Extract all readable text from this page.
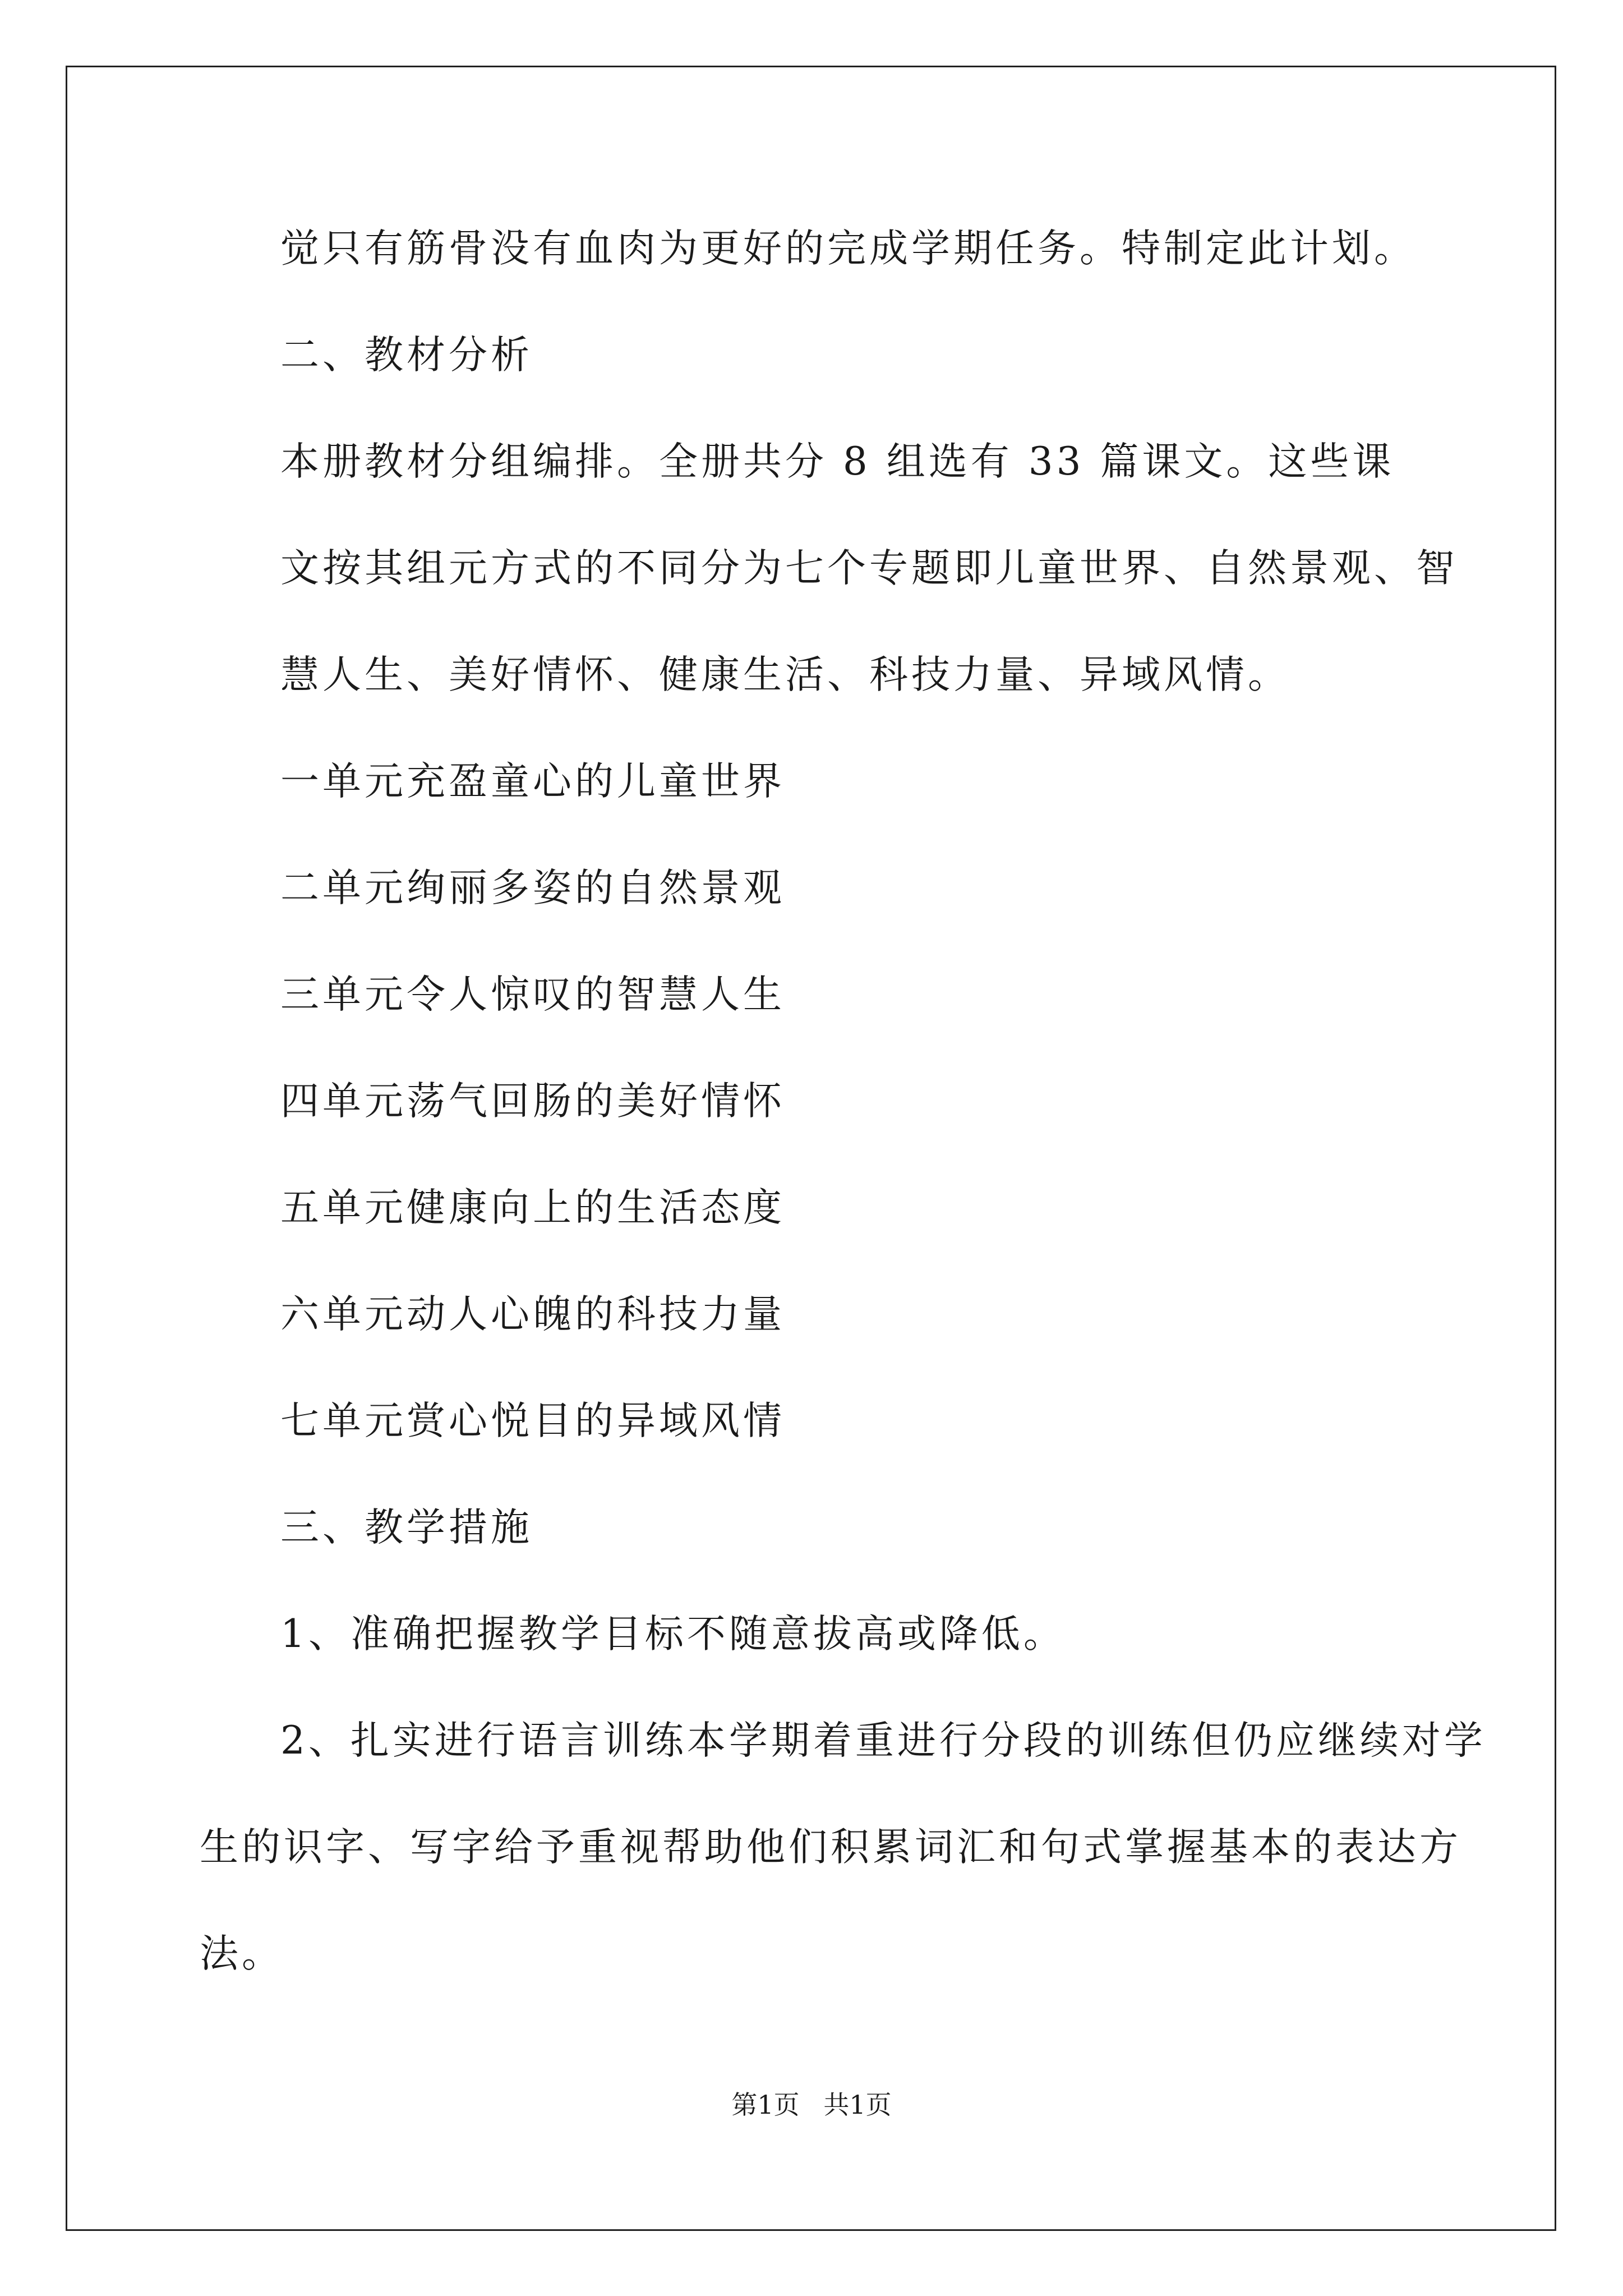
觉只有筋骨没有血肉为更好的完成学期任务。特制定此计划。
二、教材分析
本册教材分组编排。全册共分 8 组选有 33 篇课文。这些课
文按其组元方式的不同分为七个专题即儿童世界、自然景观、智
慧人生、美好情怀、健康生活、科技力量、异域风情。
一单元充盈童心的儿童世界
二单元绚丽多姿的自然景观
三单元令人惊叹的智慧人生
四单元荡气回肠的美好情怀
五单元健康向上的生活态度
六单元动人心魄的科技力量
七单元赏心悦目的异域风情
三、教学措施
1、准确把握教学目标不随意拔高或降低。
2、扎实进行语言训练本学期着重进行分段的训练但仍应继续对学
生的识字、写字给予重视帮助他们积累词汇和句式掌握基本的表达方
法。
第1页 共1页
